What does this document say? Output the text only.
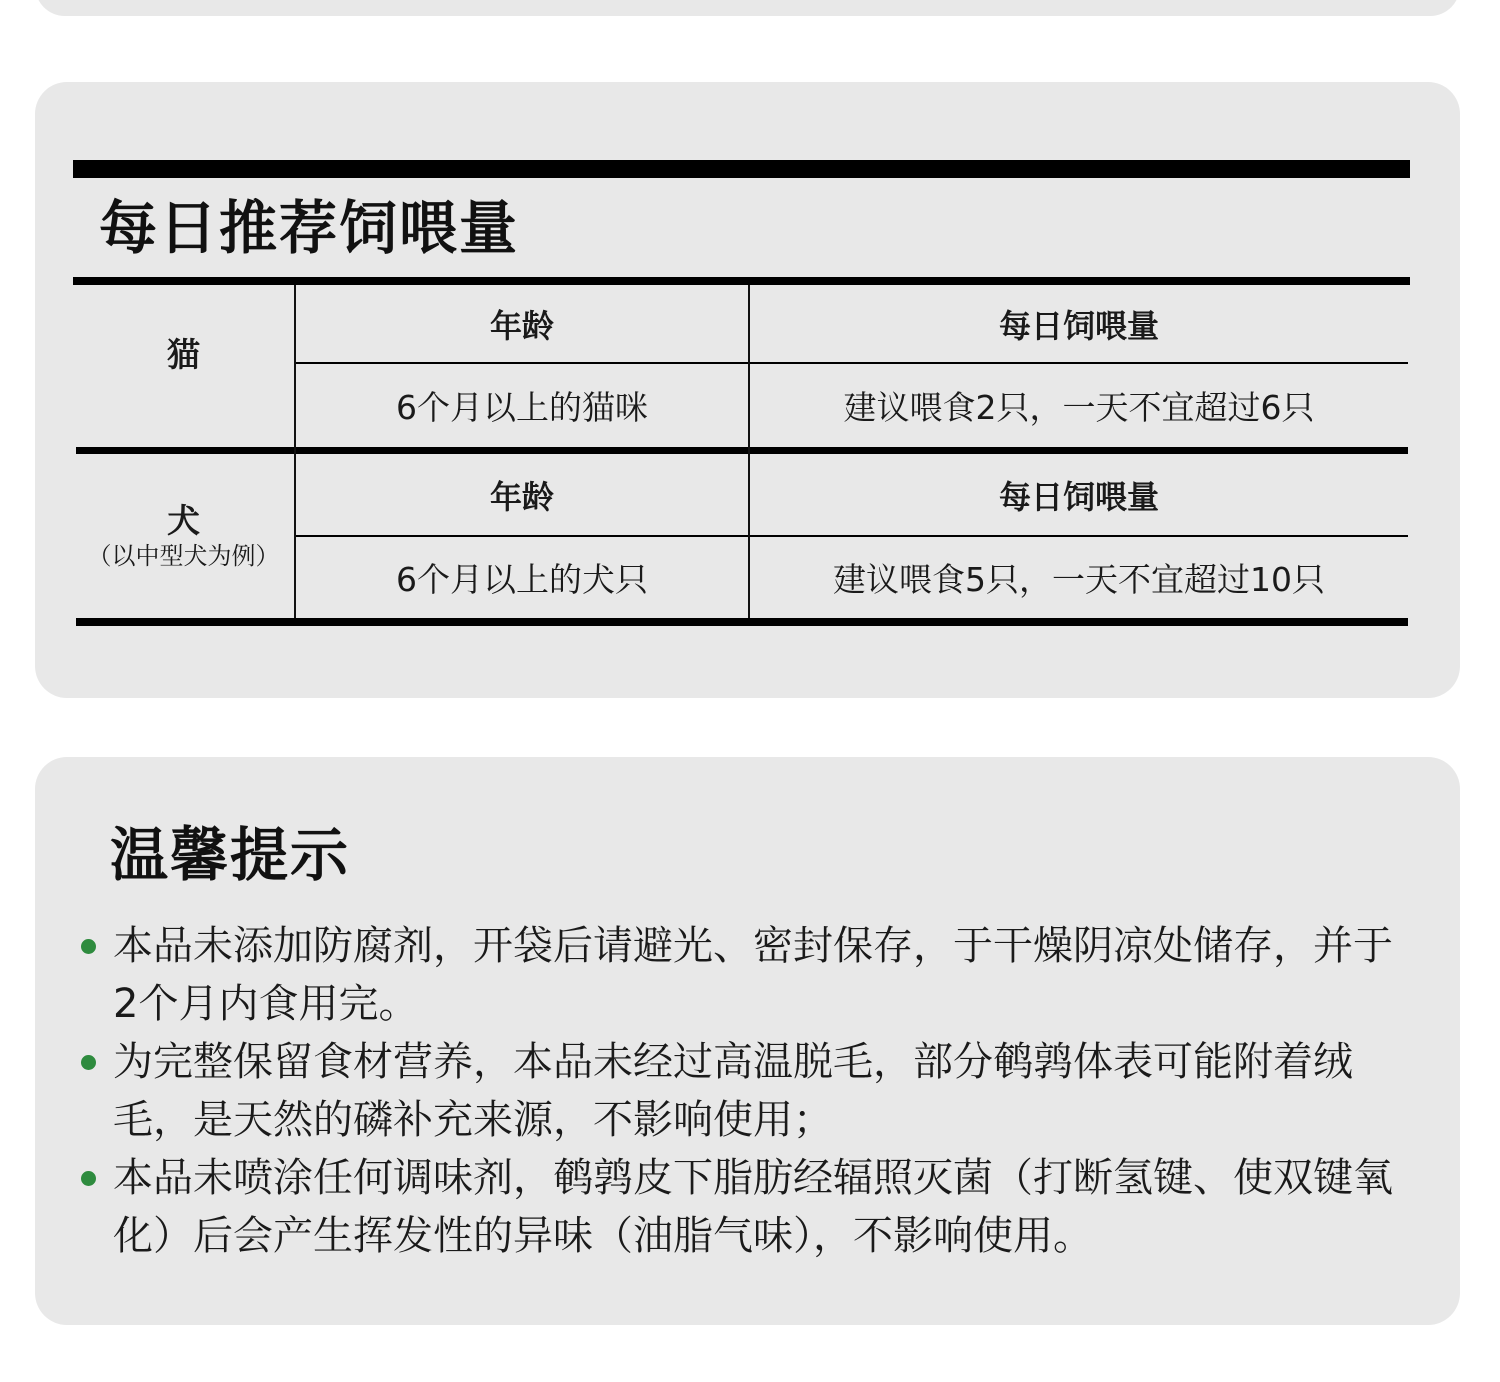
每日推荐饲喂量
猫
年龄	每日饲喂量
6个月以上的猫咪	建议喂食2只，一天不宜超过6只
犬
（以中型犬为例）
年龄	每日饲喂量
6个月以上的犬只	建议喂食5只，一天不宜超过10只
温馨提示
本品未添加防腐剂，开袋后请避光、密封保存，于干燥阴凉处储存，并于2个月内食用完。
为完整保留食材营养，本品未经过高温脱毛，部分鹌鹑体表可能附着绒毛，是天然的磷补充来源，不影响使用；
本品未喷涂任何调味剂，鹌鹑皮下脂肪经辐照灭菌（打断氢键、使双键氧化）后会产生挥发性的异味（油脂气味），不影响使用。
